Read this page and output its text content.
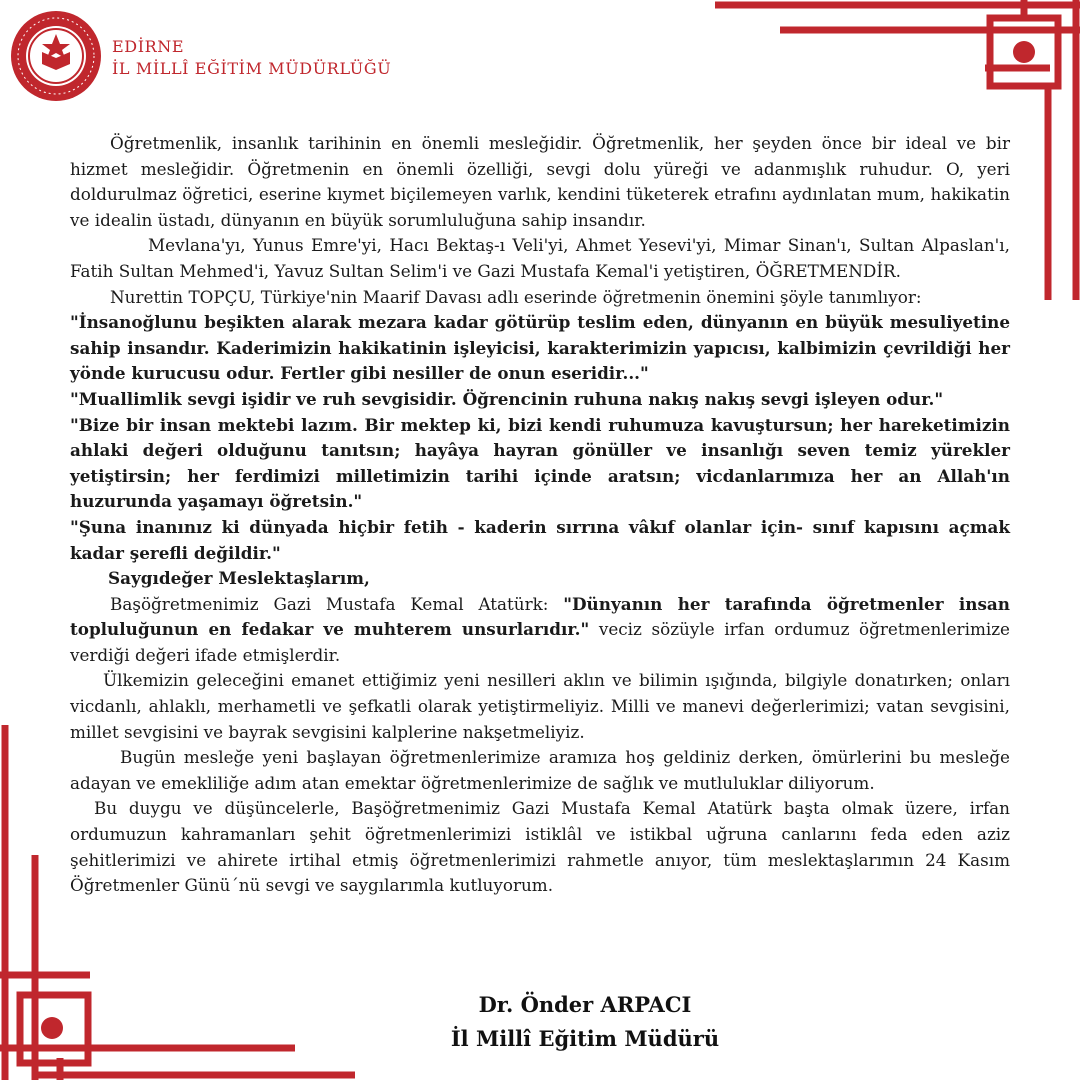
EDİRNE
İL MİLLÎ EĞİTİM MÜDÜRLÜĞÜ

Öğretmenlik, insanlık tarihinin en önemli mesleğidir. Öğretmenlik, her şeyden önce bir ideal ve bir hizmet mesleğidir. Öğretmenin en önemli özelliği, sevgi dolu yüreği ve adanmışlık ruhudur. O, yeri doldurulmaz öğretici, eserine kıymet biçilemeyen varlık, kendini tüketerek etrafını aydınlatan mum, hakikatin ve idealin üstadı, dünyanın en büyük sorumluluğuna sahip insandır.

Mevlana'yı, Yunus Emre'yi, Hacı Bektaş-ı Veli'yi, Ahmet Yesevi'yi, Mimar Sinan'ı, Sultan Alpaslan'ı, Fatih Sultan Mehmed'i, Yavuz Sultan Selim'i ve Gazi Mustafa Kemal'i yetiştiren, ÖĞRETMENDİR.

Nurettin TOPÇU, Türkiye'nin Maarif Davası adlı eserinde öğretmenin önemini şöyle tanımlıyor:

"İnsanoğlunu beşikten alarak mezara kadar götürüp teslim eden, dünyanın en büyük mesuliyetine sahip insandır. Kaderimizin hakikatinin işleyicisi, karakterimizin yapıcısı, kalbimizin çevrildiği her yönde kurucusu odur. Fertler gibi nesiller de onun eseridir..."

"Muallimlik sevgi işidir ve ruh sevgisidir. Öğrencinin ruhuna nakış nakış sevgi işleyen odur."

"Bize bir insan mektebi lazım. Bir mektep ki, bizi kendi ruhumuza kavuştursun; her hareketimizin ahlaki değeri olduğunu tanıtsın; hayâya hayran gönüller ve insanlığı seven temiz yürekler yetiştirsin; her ferdimizi milletimizin tarihi içinde aratsın; vicdanlarımıza her an Allah'ın huzurunda yaşamayı öğretsin."

"Şuna inanınız ki dünyada hiçbir fetih - kaderin sırrına vâkıf olanlar için- sınıf kapısını açmak kadar şerefli değildir."

Saygıdeğer Meslektaşlarım,

Başöğretmenimiz Gazi Mustafa Kemal Atatürk: "Dünyanın her tarafında öğretmenler insan topluluğunun en fedakar ve muhterem unsurlarıdır." veciz sözüyle irfan ordumuz öğretmenlerimize verdiği değeri ifade etmişlerdir.

Ülkemizin geleceğini emanet ettiğimiz yeni nesilleri aklın ve bilimin ışığında, bilgiyle donatırken; onları vicdanlı, ahlaklı, merhametli ve şefkatli olarak yetiştirmeliyiz. Milli ve manevi değerlerimizi; vatan sevgisini, millet sevgisini ve bayrak sevgisini kalplerine nakşetmeliyiz.

Bugün mesleğe yeni başlayan öğretmenlerimize aramıza hoş geldiniz derken, ömürlerini bu mesleğe adayan ve emekliliğe adım atan emektar öğretmenlerimize de sağlık ve mutluluklar diliyorum.

Bu duygu ve düşüncelerle, Başöğretmenimiz Gazi Mustafa Kemal Atatürk başta olmak üzere, irfan ordumuzun kahramanları şehit öğretmenlerimizi istiklâl ve istikbal uğruna canlarını feda eden aziz şehitlerimizi ve ahirete irtihal etmiş öğretmenlerimizi rahmetle anıyor, tüm meslektaşlarımın 24 Kasım Öğretmenler Günü´nü sevgi ve saygılarımla kutluyorum.

Dr. Önder ARPACI
İl Millî Eğitim Müdürü
